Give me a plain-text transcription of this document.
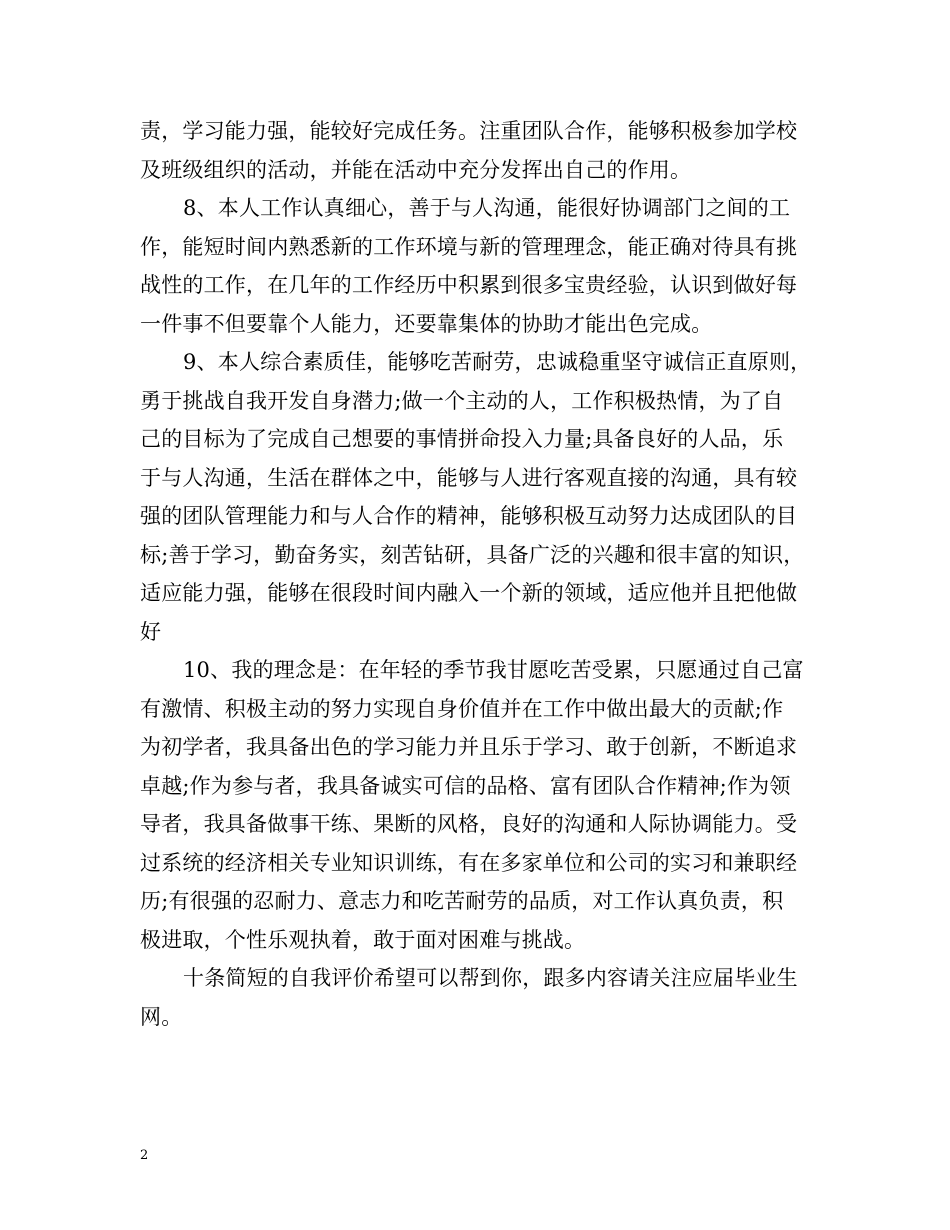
责，学习能力强，能较好完成任务。注重团队合作，能够积极参加学校
及班级组织的活动，并能在活动中充分发挥出自己的作用。
8、本人工作认真细心，善于与人沟通，能很好协调部门之间的工
作，能短时间内熟悉新的工作环境与新的管理理念，能正确对待具有挑
战性的工作，在几年的工作经历中积累到很多宝贵经验，认识到做好每
一件事不但要靠个人能力，还要靠集体的协助才能出色完成。
9、本人综合素质佳，能够吃苦耐劳，忠诚稳重坚守诚信正直原则，
勇于挑战自我开发自身潜力;做一个主动的人，工作积极热情，为了自
己的目标为了完成自己想要的事情拼命投入力量;具备良好的人品，乐
于与人沟通，生活在群体之中，能够与人进行客观直接的沟通，具有较
强的团队管理能力和与人合作的精神，能够积极互动努力达成团队的目
标;善于学习，勤奋务实，刻苦钻研，具备广泛的兴趣和很丰富的知识，
适应能力强，能够在很段时间内融入一个新的领域，适应他并且把他做
好
10、我的理念是：在年轻的季节我甘愿吃苦受累，只愿通过自己富
有激情、积极主动的努力实现自身价值并在工作中做出最大的贡献;作
为初学者，我具备出色的学习能力并且乐于学习、敢于创新，不断追求
卓越;作为参与者，我具备诚实可信的品格、富有团队合作精神;作为领
导者，我具备做事干练、果断的风格，良好的沟通和人际协调能力。受
过系统的经济相关专业知识训练，有在多家单位和公司的实习和兼职经
历;有很强的忍耐力、意志力和吃苦耐劳的品质，对工作认真负责，积
极进取，个性乐观执着，敢于面对困难与挑战。
十条简短的自我评价希望可以帮到你，跟多内容请关注应届毕业生
网。
2
